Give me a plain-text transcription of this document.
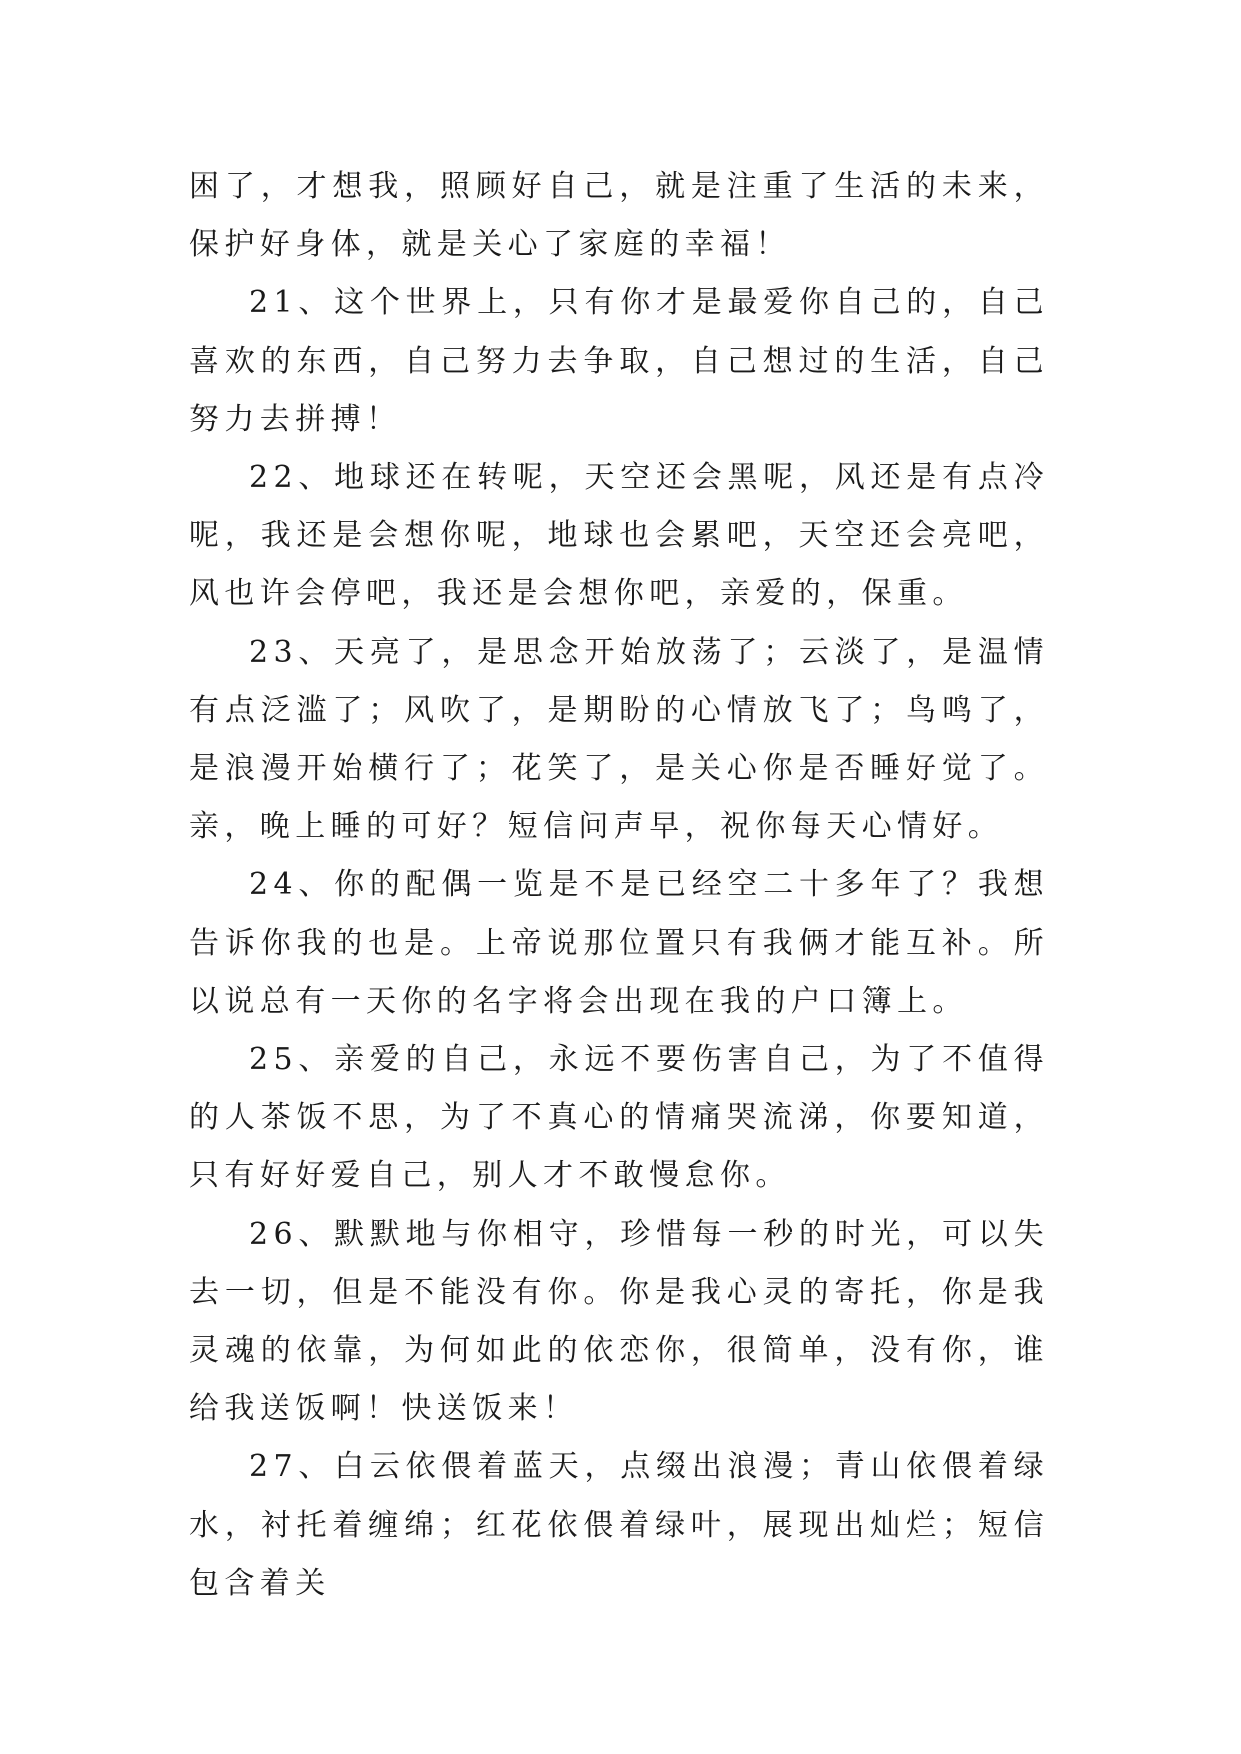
困了，才想我，照顾好自己，就是注重了生活的未来，保护好身体，就是关心了家庭的幸福！

21、这个世界上，只有你才是最爱你自己的，自己喜欢的东西，自己努力去争取，自己想过的生活，自己努力去拼搏！

22、地球还在转呢，天空还会黑呢，风还是有点冷呢，我还是会想你呢，地球也会累吧，天空还会亮吧，风也许会停吧，我还是会想你吧，亲爱的，保重。

23、天亮了，是思念开始放荡了；云淡了，是温情有点泛滥了；风吹了，是期盼的心情放飞了；鸟鸣了，是浪漫开始横行了；花笑了，是关心你是否睡好觉了。亲，晚上睡的可好？短信问声早，祝你每天心情好。

24、你的配偶一览是不是已经空二十多年了？我想告诉你我的也是。上帝说那位置只有我俩才能互补。所以说总有一天你的名字将会出现在我的户口簿上。

25、亲爱的自己，永远不要伤害自己，为了不值得的人茶饭不思，为了不真心的情痛哭流涕，你要知道，只有好好爱自己，别人才不敢慢怠你。

26、默默地与你相守，珍惜每一秒的时光，可以失去一切，但是不能没有你。你是我心灵的寄托，你是我灵魂的依靠，为何如此的依恋你，很简单，没有你，谁给我送饭啊！快送饭来！

27、白云依偎着蓝天，点缀出浪漫；青山依偎着绿水，衬托着缠绵；红花依偎着绿叶，展现出灿烂；短信包含着关
